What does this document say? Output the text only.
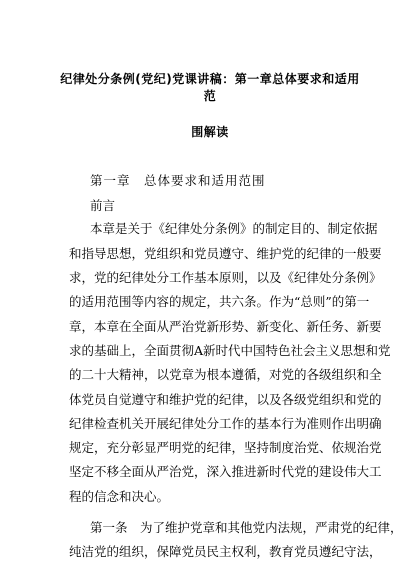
纪律处分条例(党纪)党课讲稿：第一章总体要求和适用范
围解读
第一章　总体要求和适用范围
前言
本章是关于《纪律处分条例》的制定目的、制定依据
和指导思想，党组织和党员遵守、维护党的纪律的一般要
求，党的纪律处分工作基本原则，以及《纪律处分条例》
的适用范围等内容的规定，共六条。作为“总则”的第一
章，本章在全面从严治党新形势、新变化、新任务、新要
求的基础上，全面贯彻A新时代中国特色社会主义思想和党
的二十大精神，以党章为根本遵循，对党的各级组织和全
体党员自觉遵守和维护党的纪律，以及各级党组织和党的
纪律检查机关开展纪律处分工作的基本行为准则作出明确
规定，充分彰显严明党的纪律，坚持制度治党、依规治党
坚定不移全面从严治党，深入推进新时代党的建设伟大工
程的信念和决心。
第一条　为了维护党章和其他党内法规，严肃党的纪律，
纯洁党的组织，保障党员民主权利，教育党员遵纪守法，
